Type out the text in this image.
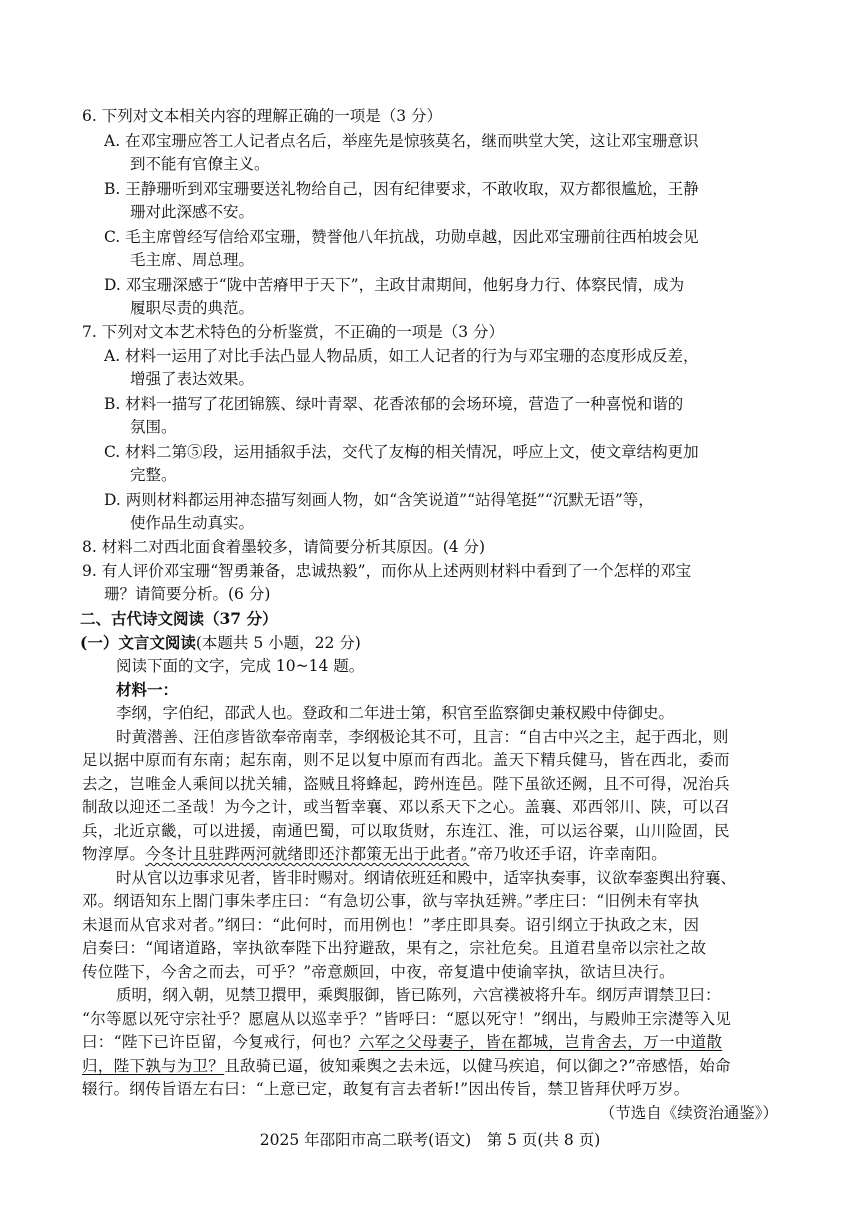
6. 下列对文本相关内容的理解正确的一项是（3 分）
A. 在邓宝珊应答工人记者点名后，举座先是惊骇莫名，继而哄堂大笑，这让邓宝珊意识
到不能有官僚主义。
B. 王静珊听到邓宝珊要送礼物给自己，因有纪律要求，不敢收取，双方都很尴尬，王静
珊对此深感不安。
C. 毛主席曾经写信给邓宝珊，赞誉他八年抗战，功勋卓越，因此邓宝珊前往西柏坡会见
毛主席、周总理。
D. 邓宝珊深感于“陇中苦瘠甲于天下”，主政甘肃期间，他躬身力行、体察民情，成为
履职尽责的典范。
7. 下列对文本艺术特色的分析鉴赏，不正确的一项是（3 分）
A. 材料一运用了对比手法凸显人物品质，如工人记者的行为与邓宝珊的态度形成反差，
增强了表达效果。
B. 材料一描写了花团锦簇、绿叶青翠、花香浓郁的会场环境，营造了一种喜悦和谐的
氛围。
C. 材料二第⑤段，运用插叙手法，交代了友梅的相关情况，呼应上文，使文章结构更加
完整。
D. 两则材料都运用神态描写刻画人物，如“含笑说道”“站得笔挺”“沉默无语”等，
使作品生动真实。
8. 材料二对西北面食着墨较多，请简要分析其原因。(4 分)
9. 有人评价邓宝珊“智勇兼备，忠诚热毅”，而你从上述两则材料中看到了一个怎样的邓宝
珊？请简要分析。(6 分)
二、古代诗文阅读（37 分）
(一）文言文阅读(本题共 5 小题，22 分)
阅读下面的文字，完成 10~14 题。
材料一：
李纲，字伯纪，邵武人也。登政和二年进士第，积官至监察御史兼权殿中侍御史。
时黄潜善、汪伯彦皆欲奉帝南幸，李纲极论其不可，且言：“自古中兴之主，起于西北，则
足以据中原而有东南；起东南，则不足以复中原而有西北。盖天下精兵健马，皆在西北，委而
去之，岂唯金人乘间以扰关辅，盗贼且将蜂起，跨州连邑。陛下虽欲还阙，且不可得，况治兵
制敌以迎还二圣哉！为今之计，或当暂幸襄、邓以系天下之心。盖襄、邓西邻川、陕，可以召
兵，北近京畿，可以进援，南通巴蜀，可以取货财，东连江、淮，可以运谷粟，山川险固，民
物淳厚。今冬计且驻跸两河就绪即还汴都策无出于此者。”帝乃收还手诏，许幸南阳。
时从官以边事求见者，皆非时赐对。纲请依班廷和殿中，适宰执奏事，议欲奉銮舆出狩襄、
邓。纲语知东上閤门事朱孝庄曰：“有急切公事，欲与宰执廷辨。”孝庄曰：“旧例未有宰执
未退而从官求对者。”纲曰：“此何时，而用例也！”孝庄即具奏。诏引纲立于执政之末，因
启奏曰：“闻诸道路，宰执欲奉陛下出狩避敌，果有之，宗社危矣。且道君皇帝以宗社之故
传位陛下，今舍之而去，可乎？”帝意颇回，中夜，帝复遣中使谕宰执，欲诘旦决行。
质明，纲入朝，见禁卫擐甲，乘舆服御，皆已陈列，六宫襆被将升车。纲厉声谓禁卫曰：
“尔等愿以死守宗社乎？愿扈从以巡幸乎？”皆呼曰：“愿以死守！”纲出，与殿帅王宗濋等入见
曰：“陛下已许臣留，今复戒行，何也？六军之父母妻子，皆在都城，岂肯舍去，万一中道散
归，陛下孰与为卫？且敌骑已逼，彼知乘舆之去未远，以健马疾追，何以御之?”帝感悟，始命
辍行。纲传旨语左右曰：“上意已定，敢复有言去者斩!”因出传旨，禁卫皆拜伏呼万岁。
（节选自《续资治通鉴》）
2025 年邵阳市高二联考(语文)　第 5 页(共 8 页)
